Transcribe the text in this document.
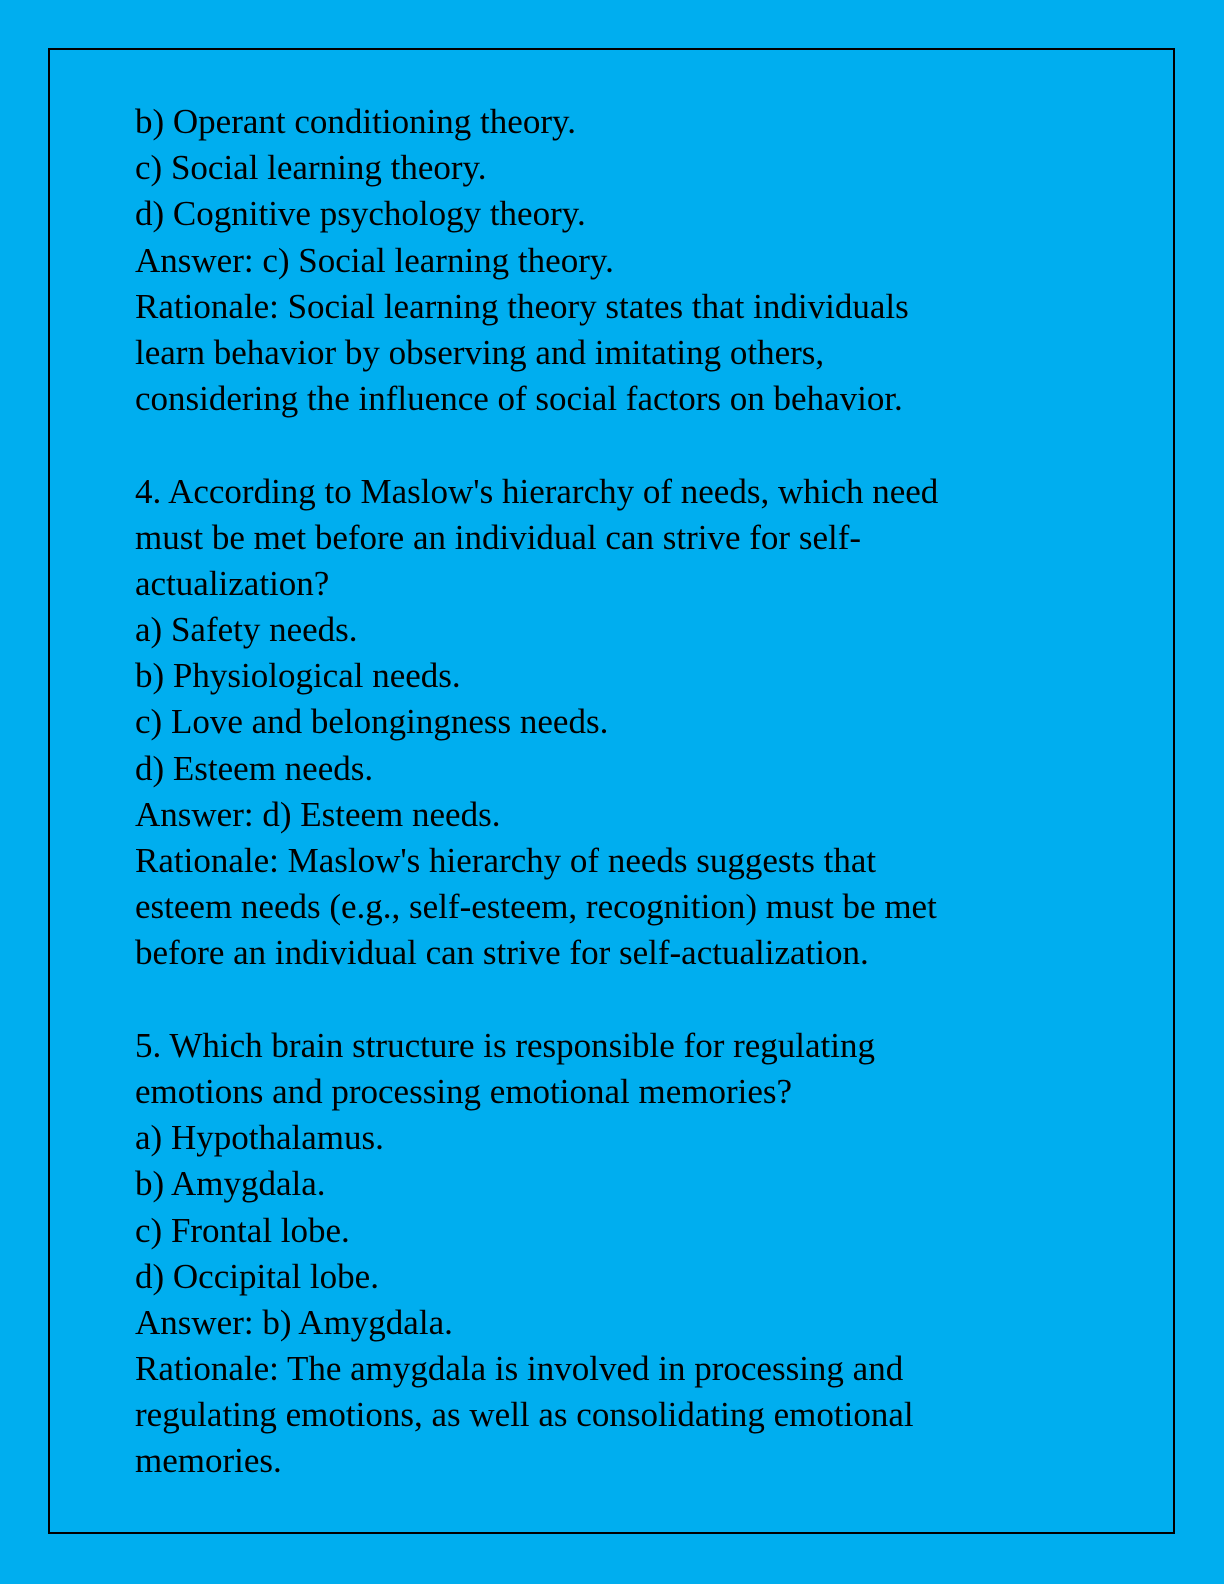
b) Operant conditioning theory.
c) Social learning theory.
d) Cognitive psychology theory.
Answer: c) Social learning theory.
Rationale: Social learning theory states that individuals
learn behavior by observing and imitating others,
considering the influence of social factors on behavior.
4. According to Maslow's hierarchy of needs, which need
must be met before an individual can strive for self-
actualization?
a) Safety needs.
b) Physiological needs.
c) Love and belongingness needs.
d) Esteem needs.
Answer: d) Esteem needs.
Rationale: Maslow's hierarchy of needs suggests that
esteem needs (e.g., self-esteem, recognition) must be met
before an individual can strive for self-actualization.
5. Which brain structure is responsible for regulating
emotions and processing emotional memories?
a) Hypothalamus.
b) Amygdala.
c) Frontal lobe.
d) Occipital lobe.
Answer: b) Amygdala.
Rationale: The amygdala is involved in processing and
regulating emotions, as well as consolidating emotional
memories.
